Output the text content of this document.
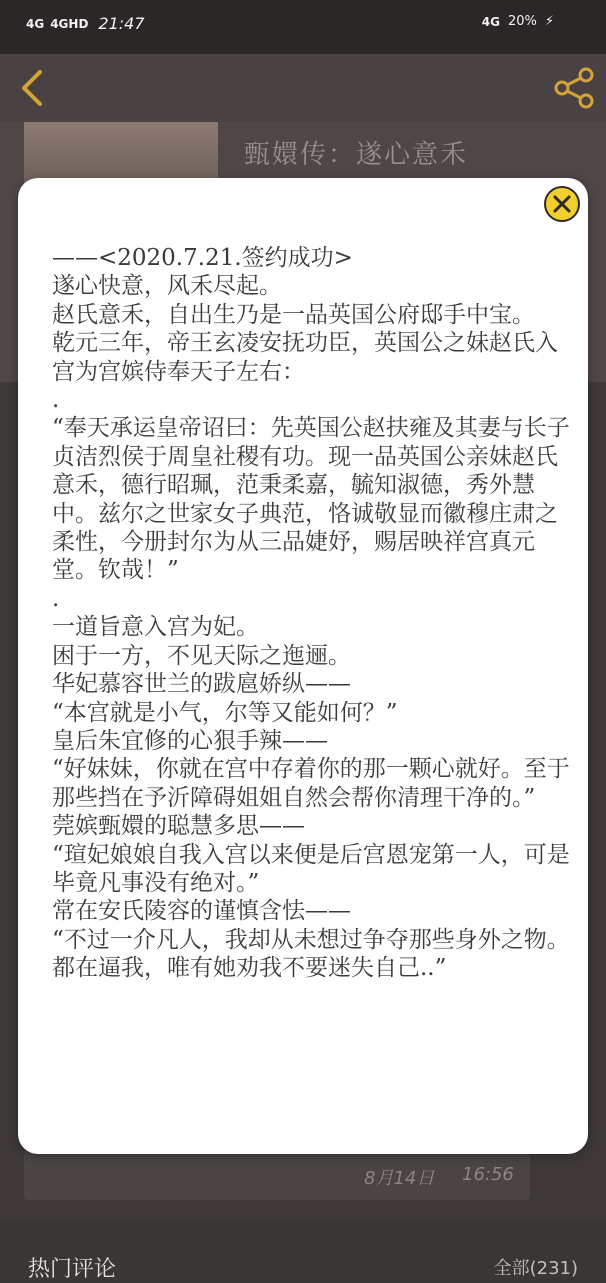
4G 4GHD 21:47	4G 20% ⚡
甄嬛传：遂心意禾
8月14日 16:56
热门评论	全部(231)
——<2020.7.21.签约成功>
遂心快意，风禾尽起。
赵氏意禾，自出生乃是一品英国公府邸手中宝。
乾元三年，帝王玄凌安抚功臣，英国公之妹赵氏入宫为宫嫔侍奉天子左右：
.
“奉天承运皇帝诏曰：先英国公赵扶雍及其妻与长子贞洁烈侯于周皇社稷有功。现一品英国公亲妹赵氏意禾，德行昭珮，范秉柔嘉，毓知淑德，秀外慧中。兹尔之世家女子典范，恪诚敬显而徽穆庄肃之柔性，今册封尔为从三品婕妤，赐居映祥宫真元堂。钦哉！”
.
一道旨意入宫为妃。
困于一方，不见天际之迤逦。
华妃慕容世兰的跋扈娇纵——
“本宫就是小气，尔等又能如何？”
皇后朱宜修的心狠手辣——
“好妹妹，你就在宫中存着你的那一颗心就好。至于那些挡在予沂障碍姐姐自然会帮你清理干净的。”
莞嫔甄嬛的聪慧多思——
“瑄妃娘娘自我入宫以来便是后宫恩宠第一人，可是毕竟凡事没有绝对。”
常在安氏陵容的谨慎含怯——
“不过一介凡人，我却从未想过争夺那些身外之物。都在逼我，唯有她劝我不要迷失自己..”
